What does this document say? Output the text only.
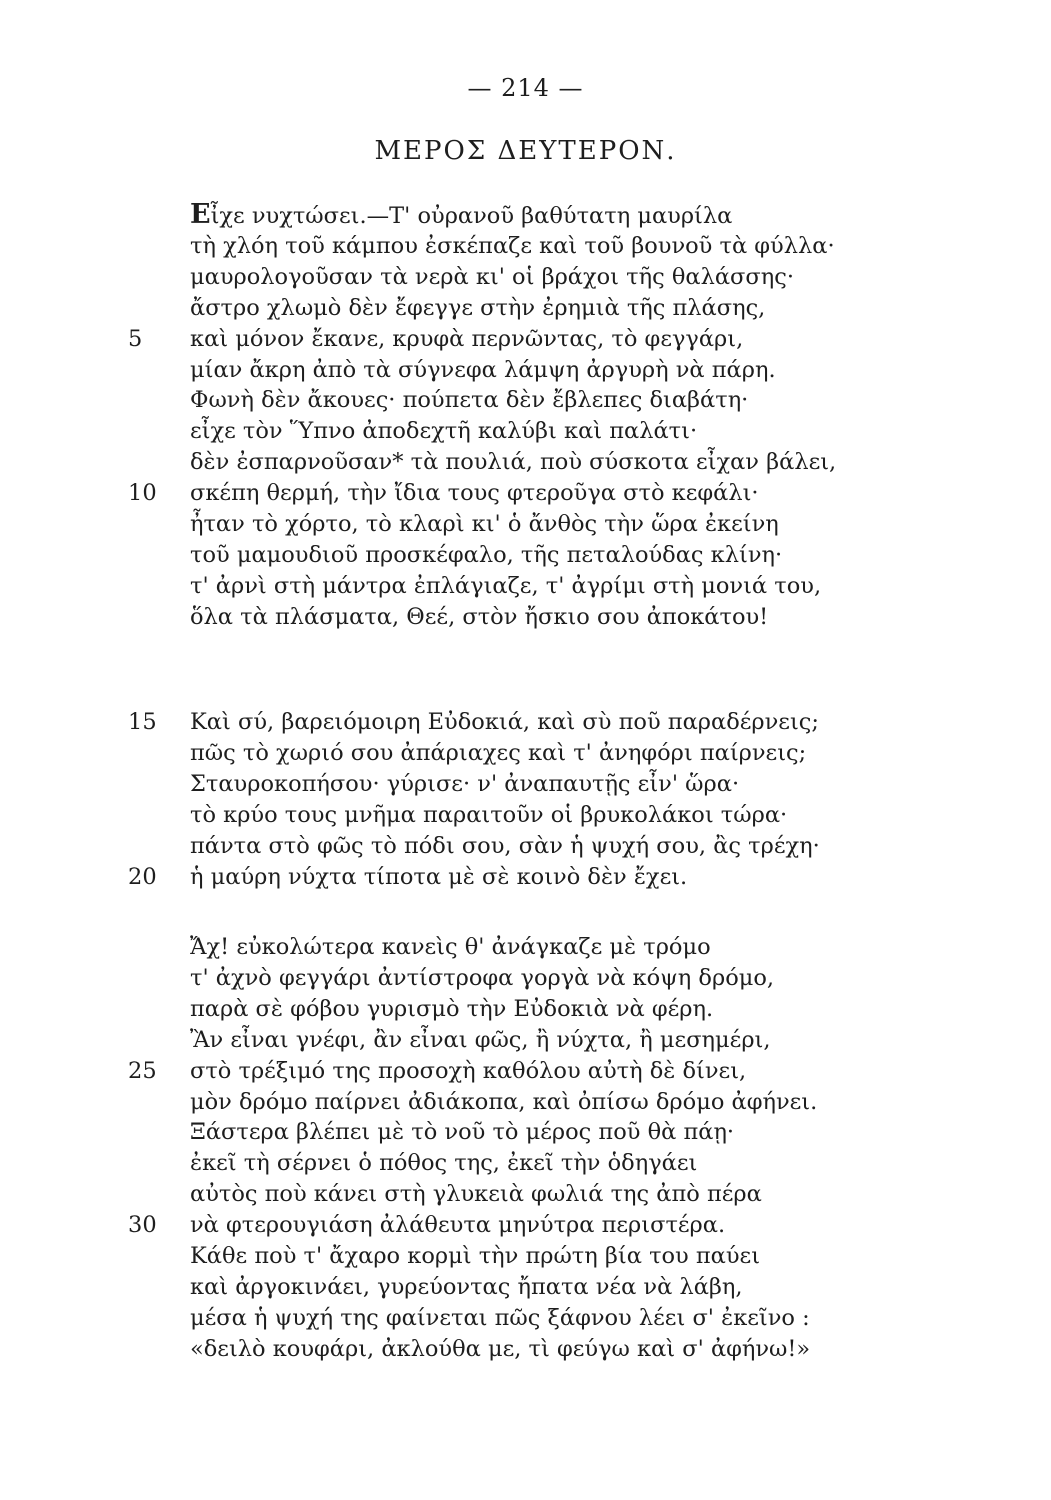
— 214 —
ΜΕΡΟΣ ΔΕΥΤΕΡΟΝ.
Εἶχε νυχτώσει.—Τ' οὐρανοῦ βαθύτατη μαυρίλα
τὴ χλόη τοῦ κάμπου ἐσκέπαζε καὶ τοῦ βουνοῦ τὰ φύλλα·
μαυρολογοῦσαν τὰ νερὰ κι' οἱ βράχοι τῆς θαλάσσης·
ἄστρο χλωμὸ δὲν ἔφεγγε στὴν ἐρημιὰ τῆς πλάσης,
5	καὶ μόνον ἔκανε, κρυφὰ περνῶντας, τὸ φεγγάρι,
μίαν ἄκρη ἀπὸ τὰ σύγνεφα λάμψη ἀργυρὴ νὰ πάρη.
Φωνὴ δὲν ἄκουες· πούπετα δὲν ἔβλεπες διαβάτη·
εἶχε τὸν Ὕπνο ἀποδεχτῆ καλύβι καὶ παλάτι·
δὲν ἐσπαρνοῦσαν* τὰ πουλιά, ποὺ σύσκοτα εἶχαν βάλει,
10	σκέπη θερμή, τὴν ἴδια τους φτεροῦγα στὸ κεφάλι·
ἦταν τὸ χόρτο, τὸ κλαρὶ κι' ὁ ἄνθὸς τὴν ὥρα ἐκείνη
τοῦ μαμουδιοῦ προσκέφαλο, τῆς πεταλούδας κλίνη·
τ' ἀρνὶ στὴ μάντρα ἐπλάγιαζε, τ' ἀγρίμι στὴ μονιά του,
ὅλα τὰ πλάσματα, Θεέ, στὸν ἤσκιο σου ἀποκάτου!
15	Καὶ σύ, βαρειόμοιρη Εὐδοκιά, καὶ σὺ ποῦ παραδέρνεις;
πῶς τὸ χωριό σου ἀπάριαχες καὶ τ' ἀνηφόρι παίρνεις;
Σταυροκοπήσου· γύρισε· ν' ἀναπαυτῇς εἶν' ὥρα·
τὸ κρύο τους μνῆμα παραιτοῦν οἱ βρυκολάκοι τώρα·
πάντα στὸ φῶς τὸ πόδι σου, σὰν ἡ ψυχή σου, ἂς τρέχη·
20	ἡ μαύρη νύχτα τίποτα μὲ σὲ κοινὸ δὲν ἔχει.
Ἄχ! εὐκολώτερα κανεὶς θ' ἀνάγκαζε μὲ τρόμο
τ' ἀχνὸ φεγγάρι ἀντίστροφα γοργὰ νὰ κόψη δρόμο,
παρὰ σὲ φόβου γυρισμὸ τὴν Εὐδοκιὰ νὰ φέρη.
Ἂν εἶναι γνέφι, ἂν εἶναι φῶς, ἢ νύχτα, ἢ μεσημέρι,
25	στὸ τρέξιμό της προσοχὴ καθόλου αὐτὴ δὲ δίνει,
μὸν δρόμο παίρνει ἀδιάκοπα, καὶ ὀπίσω δρόμο ἀφήνει.
Ξάστερα βλέπει μὲ τὸ νοῦ τὸ μέρος ποῦ θὰ πάῃ·
ἐκεῖ τὴ σέρνει ὁ πόθος της, ἐκεῖ τὴν ὁδηγάει
αὐτὸς ποὺ κάνει στὴ γλυκειὰ φωλιά της ἀπὸ πέρα
30	νὰ φτερουγιάση ἀλάθευτα μηνύτρα περιστέρα.
Κάθε ποὺ τ' ἄχαρο κορμὶ τὴν πρώτη βία του παύει
καὶ ἀργοκινάει, γυρεύοντας ἤπατα νέα νὰ λάβη,
μέσα ἡ ψυχή της φαίνεται πῶς ξάφνου λέει σ' ἐκεῖνο :
«δειλὸ κουφάρι, ἀκλούθα με, τὶ φεύγω καὶ σ' ἀφήνω!»
